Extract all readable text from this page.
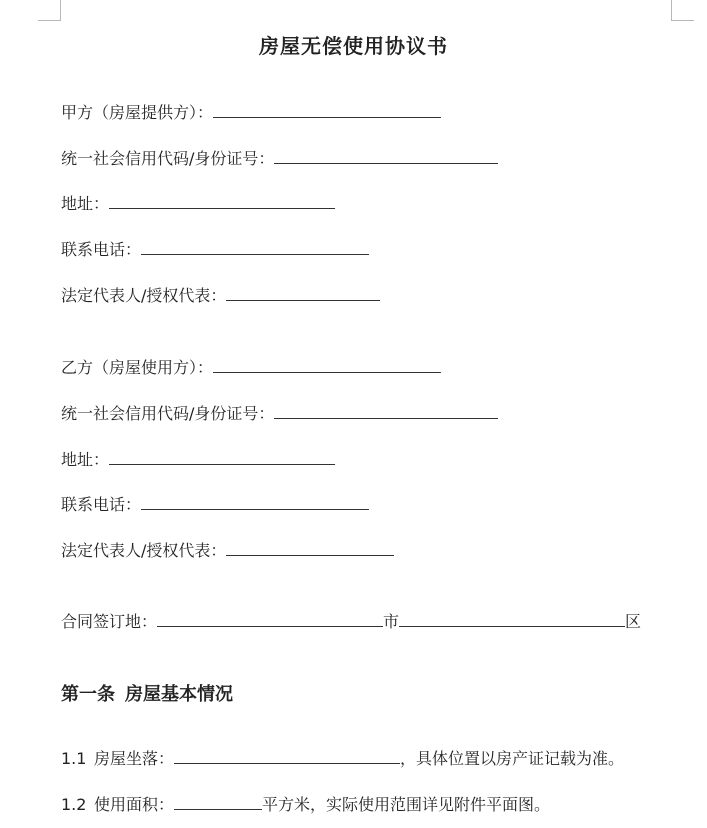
房屋无偿使用协议书
甲方（房屋提供方）：
统一社会信用代码/身份证号：
地址：
联系电话：
法定代表人/授权代表：
乙方（房屋使用方）：
统一社会信用代码/身份证号：
地址：
联系电话：
法定代表人/授权代表：
合同签订地：	市	区
第一条 房屋基本情况
1.1 房屋坐落：	，具体位置以房产证记载为准。
1.2 使用面积：	平方米，实际使用范围详见附件平面图。
